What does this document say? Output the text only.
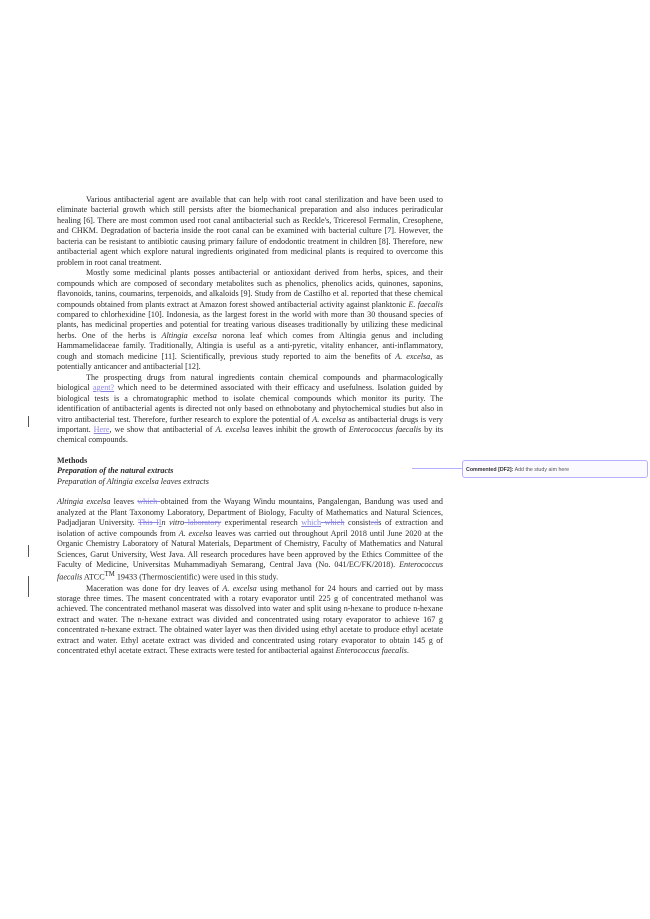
Various antibacterial agent are available that can help with root canal sterilization and have been used to eliminate bacterial growth which still persists after the biomechanical preparation and also induces periradicular healing [6]. There are most common used root canal antibacterial such as Reckle's, Triceresol Fermalin, Cresophene, and CHKM. Degradation of bacteria inside the root canal can be examined with bacterial culture [7]. However, the bacteria can be resistant to antibiotic causing primary failure of endodontic treatment in children [8]. Therefore, new antibacterial agent which explore natural ingredients originated from medicinal plants is required to overcome this problem in root canal treatment.

Mostly some medicinal plants posses antibacterial or antioxidant derived from herbs, spices, and their compounds which are composed of secondary metabolites such as phenolics, phenolics acids, quinones, saponins, flavonoids, tanins, coumarins, terpenoids, and alkaloids [9]. Study from de Castilho et al. reported that these chemical compounds obtained from plants extract at Amazon forest showed antibacterial activity against planktonic E. faecalis compared to chlorhexidine [10]. Indonesia, as the largest forest in the world with more than 30 thousand species of plants, has medicinal properties and potential for treating various diseases traditionally by utilizing these medicinal herbs. One of the herbs is Altingia excelsa norona leaf which comes from Altingia genus and including Hammamelidaceae family. Traditionally, Altingia is useful as a anti-pyretic, vitality enhancer, anti-inflammatory, cough and stomach medicine [11]. Scientifically, previous study reported to aim the benefits of A. excelsa, as potentially anticancer and antibacterial [12].

The prospecting drugs from natural ingredients contain chemical compounds and pharmacologically biological agent? which need to be determined associated with their efficacy and usefulness. Isolation guided by biological tests is a chromatographic method to isolate chemical compounds which monitor its purity. The identification of antibacterial agents is directed not only based on ethnobotany and phytochemical studies but also in vitro antibacterial test. Therefore, further research to explore the potential of A. excelsa as antibacterial drugs is very important. Here, we show that antibacterial of A. excelsa leaves inhibit the growth of Enterococcus faecalis by its chemical compounds.

Methods

Preparation of the natural extracts

Preparation of Altingia excelsa leaves extracts

Altingia excelsa leaves which obtained from the Wayang Windu mountains, Pangalengan, Bandung was used and analyzed at the Plant Taxonomy Laboratory, Department of Biology, Faculty of Mathematics and Natural Sciences, Padjadjaran University. This IIn vitro laboratory experimental research which which consisteds of extraction and isolation of active compounds from A. excelsa leaves was carried out throughout April 2018 until June 2020 at the Organic Chemistry Laboratory of Natural Materials, Department of Chemistry, Faculty of Mathematics and Natural Sciences, Garut University, West Java. All research procedures have been approved by the Ethics Committee of the Faculty of Medicine, Universitas Muhammadiyah Semarang, Central Java (No. 041/EC/FK/2018). Enterococcus faecalis ATCC™ 19433 (Thermoscientific) were used in this study.

Maceration was done for dry leaves of A. excelsa using methanol for 24 hours and carried out by mass storage three times. The masent concentrated with a rotary evaporator until 225 g of concentrated methanol was achieved. The concentrated methanol maserat was dissolved into water and split using n-hexane to produce n-hexane extract and water. The n-hexane extract was divided and concentrated using rotary evaporator to achieve 167 g concentrated n-hexane extract. The obtained water layer was then divided using ethyl acetate to produce ethyl acetate extract and water. Ethyl acetate extract was divided and concentrated using rotary evaporator to obtain 145 g of concentrated ethyl acetate extract. These extracts were tested for antibacterial against Enterococcus faecalis.

Commented [DF2]: Add the study aim here
